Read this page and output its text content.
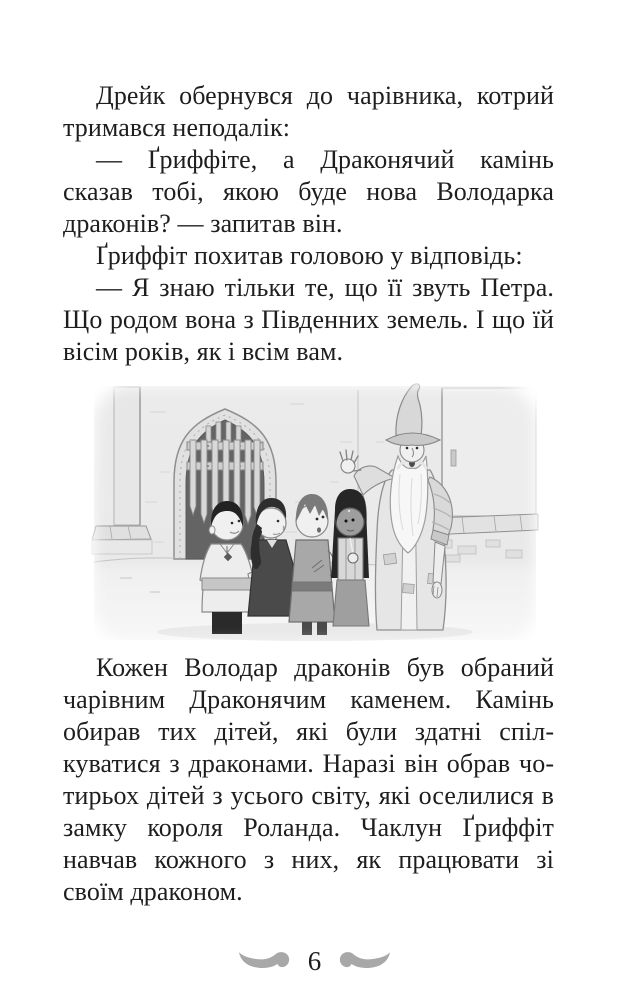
Дрейк обернувся до чарівника, котрий тримався неподалік:

— Ґриффіте, а Драконячий камінь сказав тобі, якою буде нова Володарка драконів? — запитав він.

Ґриффіт похитав головою у відповідь:

— Я знаю тільки те, що її звуть Петра. Що родом вона з Південних земель. І що їй вісім років, як і всім вам.

Кожен Володар драконів був обраний чарівним Драконячим каменем. Камінь обирав тих дітей, які були здатні спілкуватися з драконами. Наразі він обрав чотирьох дітей з усього світу, які оселилися в замку короля Роланда. Чаклун Ґриффіт навчав кожного з них, як працювати зі своїм драконом.

6
